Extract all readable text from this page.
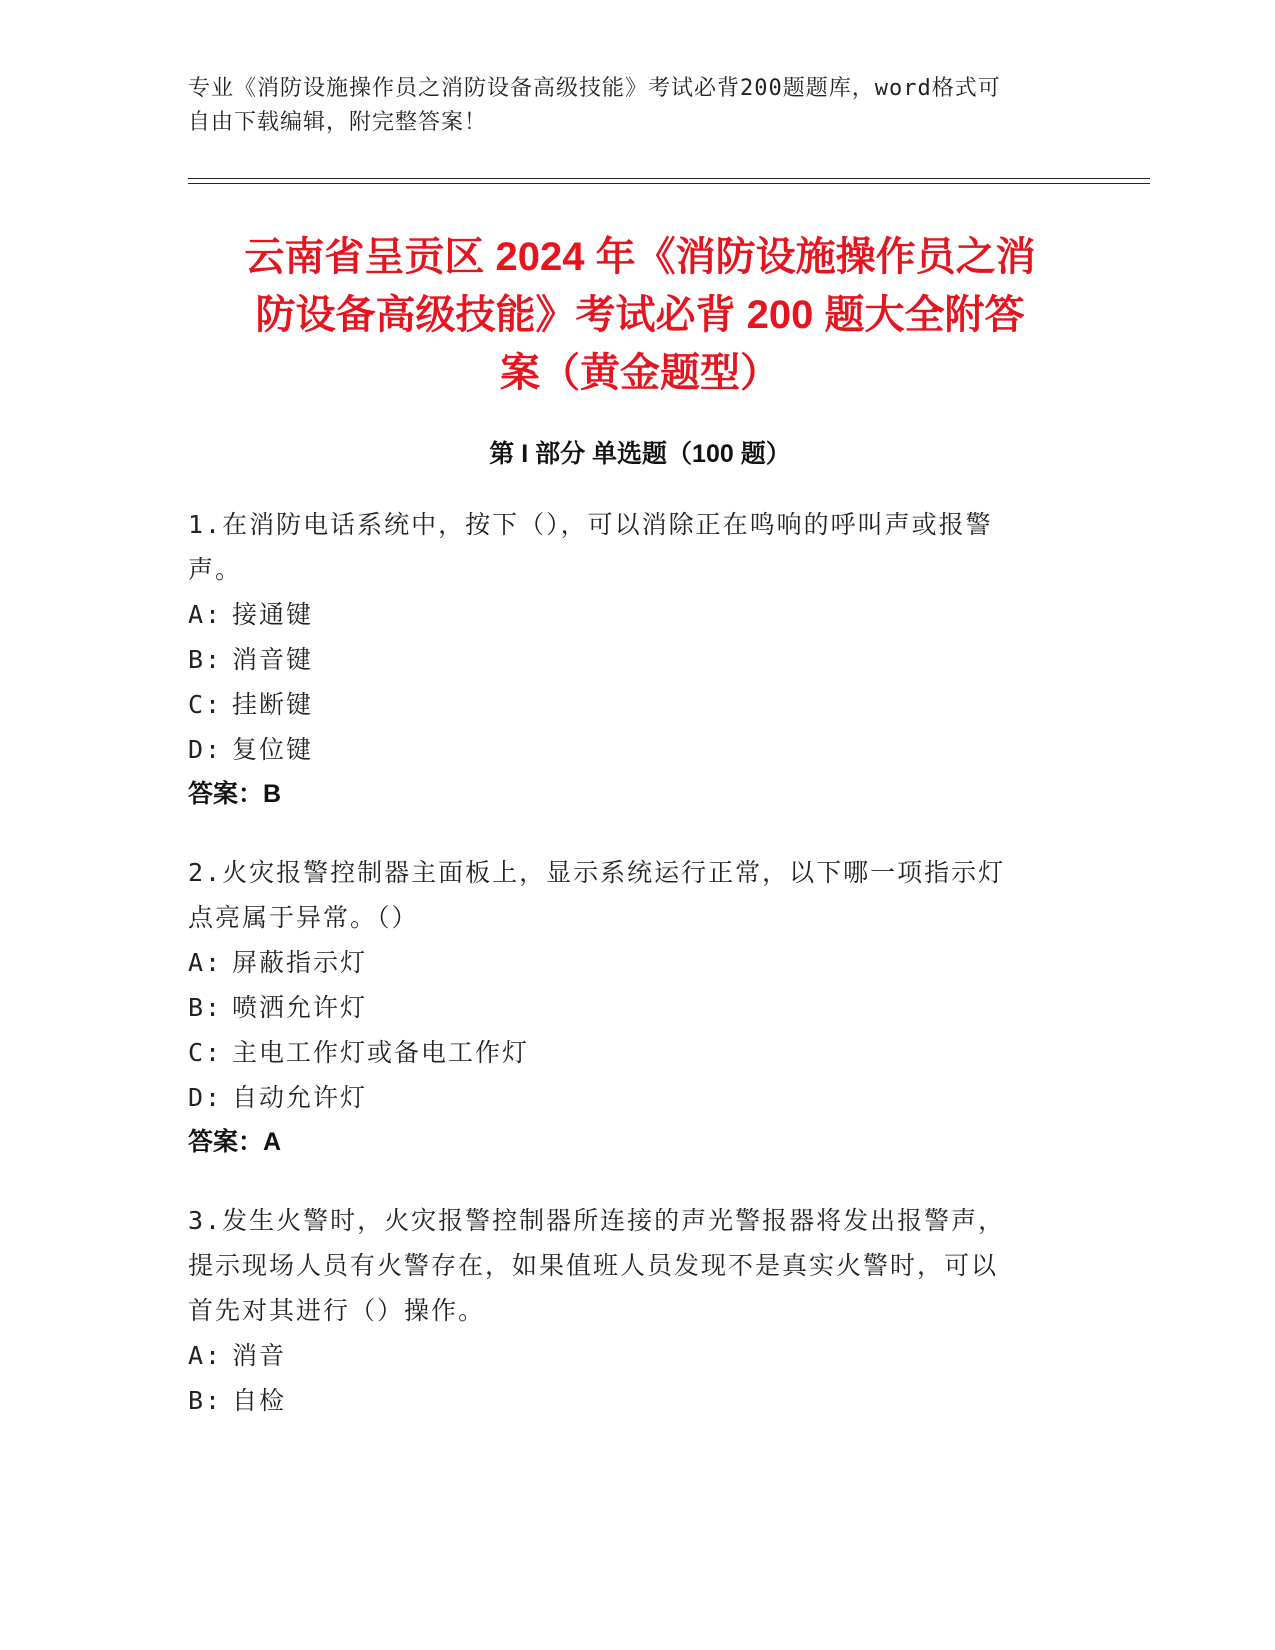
专业《消防设施操作员之消防设备高级技能》考试必背200题题库，word格式可
自由下载编辑，附完整答案！
云南省呈贡区 2024 年《消防设施操作员之消
防设备高级技能》考试必背 200 题大全附答
案（黄金题型）
第 I 部分 单选题（100 题）
1.在消防电话系统中，按下（），可以消除正在鸣响的呼叫声或报警
声。
A: 接通键
B: 消音键
C: 挂断键
D: 复位键
答案：B
2.火灾报警控制器主面板上，显示系统运行正常，以下哪一项指示灯
点亮属于异常。（）
A: 屏蔽指示灯
B: 喷洒允许灯
C: 主电工作灯或备电工作灯
D: 自动允许灯
答案：A
3.发生火警时，火灾报警控制器所连接的声光警报器将发出报警声，
提示现场人员有火警存在，如果值班人员发现不是真实火警时，可以
首先对其进行（）操作。
A: 消音
B: 自检
